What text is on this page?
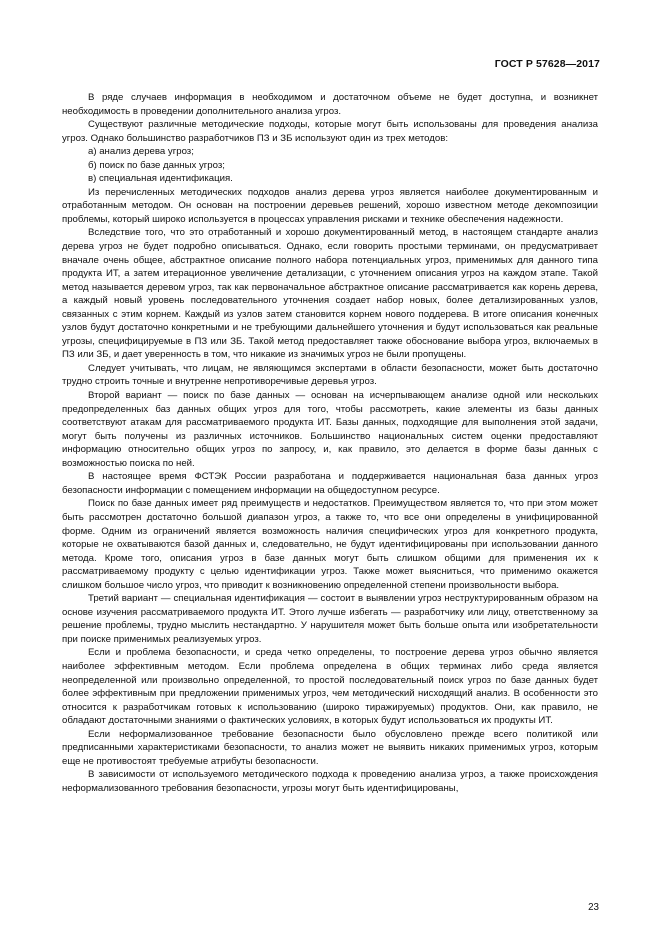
ГОСТ Р 57628—2017

В ряде случаев информация в необходимом и достаточном объеме не будет доступна, и возникнет необходимость в проведении дополнительного анализа угроз.

Существуют различные методические подходы, которые могут быть использованы для проведения анализа угроз. Однако большинство разработчиков ПЗ и ЗБ используют один из трех методов:

а) анализ дерева угроз;

б) поиск по базе данных угроз;

в) специальная идентификация.

Из перечисленных методических подходов анализ дерева угроз является наиболее документированным и отработанным методом. Он основан на построении деревьев решений, хорошо известном методе декомпозиции проблемы, который широко используется в процессах управления рисками и технике обеспечения надежности.

Вследствие того, что это отработанный и хорошо документированный метод, в настоящем стандарте анализ дерева угроз не будет подробно описываться. Однако, если говорить простыми терминами, он предусматривает вначале очень общее, абстрактное описание полного набора потенциальных угроз, применимых для данного типа продукта ИТ, а затем итерационное увеличение детализации, с уточнением описания угроз на каждом этапе. Такой метод называется деревом угроз, так как первоначальное абстрактное описание рассматривается как корень дерева, а каждый новый уровень последовательного уточнения создает набор новых, более детализированных узлов, связанных с этим корнем. Каждый из узлов затем становится корнем нового поддерева. В итоге описания конечных узлов будут достаточно конкретными и не требующими дальнейшего уточнения и будут использоваться как реальные угрозы, специфицируемые в ПЗ или ЗБ. Такой метод предоставляет также обоснование выбора угроз, включаемых в ПЗ или ЗБ, и дает уверенность в том, что никакие из значимых угроз не были пропущены.

Следует учитывать, что лицам, не являющимся экспертами в области безопасности, может быть достаточно трудно строить точные и внутренне непротиворечивые деревья угроз.

Второй вариант — поиск по базе данных — основан на исчерпывающем анализе одной или нескольких предопределенных баз данных общих угроз для того, чтобы рассмотреть, какие элементы из базы данных соответствуют атакам для рассматриваемого продукта ИТ. Базы данных, подходящие для выполнения этой задачи, могут быть получены из различных источников. Большинство национальных систем оценки предоставляют информацию относительно общих угроз по запросу, и, как правило, это делается в форме базы данных с возможностью поиска по ней.

В настоящее время ФСТЭК России разработана и поддерживается национальная база данных угроз безопасности информации с помещением информации на общедоступном ресурсе.

Поиск по базе данных имеет ряд преимуществ и недостатков. Преимуществом является то, что при этом может быть рассмотрен достаточно большой диапазон угроз, а также то, что все они определены в унифицированной форме. Одним из ограничений является возможность наличия специфических угроз для конкретного продукта, которые не охватываются базой данных и, следовательно, не будут идентифицированы при использовании данного метода. Кроме того, описания угроз в базе данных могут быть слишком общими для применения их к рассматриваемому продукту с целью идентификации угроз. Также может выясниться, что применимо окажется слишком большое число угроз, что приводит к возникновению определенной степени произвольности выбора.

Третий вариант — специальная идентификация — состоит в выявлении угроз неструктурированным образом на основе изучения рассматриваемого продукта ИТ. Этого лучше избегать — разработчику или лицу, ответственному за решение проблемы, трудно мыслить нестандартно. У нарушителя может быть больше опыта или изобретательности при поиске применимых реализуемых угроз.

Если и проблема безопасности, и среда четко определены, то построение дерева угроз обычно является наиболее эффективным методом. Если проблема определена в общих терминах либо среда является неопределенной или произвольно определенной, то простой последовательный поиск угроз по базе данных будет более эффективным при предложении применимых угроз, чем методический нисходящий анализ. В особенности это относится к разработчикам готовых к использованию (широко тиражируемых) продуктов. Они, как правило, не обладают достаточными знаниями о фактических условиях, в которых будут использоваться их продукты ИТ.

Если неформализованное требование безопасности было обусловлено прежде всего политикой или предписанными характеристиками безопасности, то анализ может не выявить никаких применимых угроз, которым еще не противостоят требуемые атрибуты безопасности.

В зависимости от используемого методического подхода к проведению анализа угроз, а также происхождения неформализованного требования безопасности, угрозы могут быть идентифицированы,

23
